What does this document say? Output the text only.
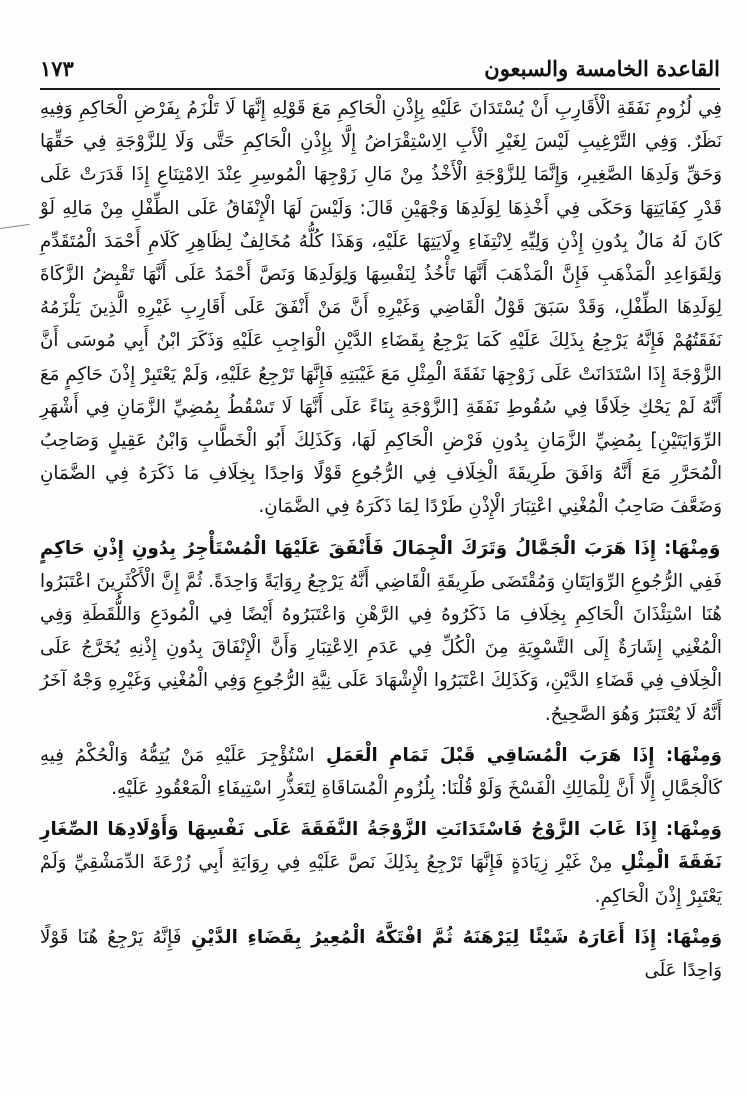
القاعدة الخامسة والسبعون
١٧٣

فِي لُزُومِ نَفَقَةِ الْأَقَارِبِ أَنْ يُسْتَدَانَ عَلَيْهِ بِإِذْنِ الْحَاكِمِ مَعَ قَوْلِهِ إِنَّهَا لَا تَلْزَمُ بِفَرْضِ الْحَاكِمِ وَفِيهِ نَظَرٌ. وَفِي التَّرْغِيبِ لَيْسَ لِغَيْرِ الْأَبِ الِاسْتِقْرَاضُ إِلَّا بِإِذْنِ الْحَاكِمِ حَتَّى وَلَا لِلزَّوْجَةِ فِي حَقِّهَا وَحَقِّ وَلَدِهَا الصَّغِيرِ، وَإِنَّمَا لِلزَّوْجَةِ الْأَخْذُ مِنْ مَالِ زَوْجِهَا الْمُوسِرِ عِنْدَ الِامْتِنَاعِ إِذَا قَدَرَتْ عَلَى قَدْرِ كِفَايَتِهَا وَحَكَى فِي أَخْذِهَا لِوَلَدِهَا وَجْهَيْنِ قَالَ: وَلَيْسَ لَهَا الْإِنْفَاقُ عَلَى الطِّفْلِ مِنْ مَالِهِ لَوْ كَانَ لَهُ مَالٌ بِدُونِ إِذْنِ وَلِيِّهِ لِانْتِفَاءِ وِلَايَتِهَا عَلَيْهِ، وَهَذَا كُلُّهُ مُخَالِفٌ لِظَاهِرِ كَلَامِ أَحْمَدَ الْمُتَقَدِّمِ وَلِقَوَاعِدِ الْمَذْهَبِ فَإِنَّ الْمَذْهَبَ أَنَّهَا تَأْخُذُ لِنَفْسِهَا وَلِوَلَدِهَا وَنَصَّ أَحْمَدُ عَلَى أَنَّهَا تَقْبِضُ الزَّكَاةَ لِوَلَدِهَا الطِّفْلِ، وَقَدْ سَبَقَ قَوْلُ الْقَاضِي وَغَيْرِهِ أَنَّ مَنْ أَنْفَقَ عَلَى أَقَارِبِ غَيْرِهِ الَّذِينَ يَلْزَمُهُ نَفَقَتُهُمْ فَإِنَّهُ يَرْجِعُ بِذَلِكَ عَلَيْهِ كَمَا يَرْجِعُ بِقَضَاءِ الدَّيْنِ الْوَاجِبِ عَلَيْهِ وَذَكَرَ ابْنُ أَبِي مُوسَى أَنَّ الزَّوْجَةَ إِذَا اسْتَدَانَتْ عَلَى زَوْجِهَا نَفَقَةَ الْمِثْلِ مَعَ غَيْبَتِهِ فَإِنَّهَا تَرْجِعُ عَلَيْهِ، وَلَمْ يَعْتَبِرْ إِذْنَ حَاكِمٍ مَعَ أَنَّهُ لَمْ يَحْكِ خِلَافًا فِي سُقُوطِ نَفَقَةِ [الزَّوْجَةِ بِنَاءً عَلَى أَنَّهَا لَا تَسْقُطُ بِمُضِيِّ الزَّمَانِ فِي أَشْهَرِ الرِّوَايَتَيْنِ] بِمُضِيِّ الزَّمَانِ بِدُونِ فَرْضِ الْحَاكِمِ لَهَا، وَكَذَلِكَ أَبُو الْخَطَّابِ وَابْنُ عَقِيلٍ وَصَاحِبُ الْمُحَرَّرِ مَعَ أَنَّهُ وَافَقَ طَرِيقَةَ الْخِلَافِ فِي الرُّجُوعِ قَوْلًا وَاحِدًا بِخِلَافِ مَا ذَكَرَهُ فِي الضَّمَانِ وَضَعَّفَ صَاحِبُ الْمُغْنِي اعْتِبَارَ الْإِذْنِ طَرْدًا لِمَا ذَكَرَهُ فِي الضَّمَانِ.

وَمِنْهَا: إِذَا هَرَبَ الْجَمَّالُ وَتَرَكَ الْجِمَالَ فَأَنْفَقَ عَلَيْهَا الْمُسْتَأْجِرُ بِدُونِ إِذْنِ حَاكِمٍ فَفِي الرُّجُوعِ الرِّوَايَتَانِ وَمُقْتَضَى طَرِيقَةِ الْقَاضِي أَنَّهُ يَرْجِعُ رِوَايَةً وَاحِدَةً. ثُمَّ إِنَّ الْأَكْثَرِينَ اعْتَبَرُوا هُنَا اسْتِئْذَانَ الْحَاكِمِ بِخِلَافِ مَا ذَكَرُوهُ فِي الرَّهْنِ وَاعْتَبَرُوهُ أَيْضًا فِي الْمُودَعِ وَاللُّقَطَةِ وَفِي الْمُغْنِي إِشَارَةٌ إِلَى التَّسْوِيَةِ مِنَ الْكُلِّ فِي عَدَمِ الِاعْتِبَارِ وَأَنَّ الْإِنْفَاقَ بِدُونِ إِذْنِهِ يُخَرَّجُ عَلَى الْخِلَافِ فِي قَضَاءِ الدَّيْنِ، وَكَذَلِكَ اعْتَبَرُوا الْإِشْهَادَ عَلَى نِيَّةِ الرُّجُوعِ وَفِي الْمُغْنِي وَغَيْرِهِ وَجْهٌ آخَرُ أَنَّهُ لَا يُعْتَبَرُ وَهُوَ الصَّحِيحُ.

وَمِنْهَا: إِذَا هَرَبَ الْمُسَاقِي قَبْلَ تَمَامِ الْعَمَلِ اسْتُؤْجِرَ عَلَيْهِ مَنْ يُتِمُّهُ وَالْحُكْمُ فِيهِ كَالْجَمَّالِ إِلَّا أَنَّ لِلْمَالِكِ الْفَسْخَ وَلَوْ قُلْنَا: بِلُزُومِ الْمُسَاقَاةِ لِتَعَذُّرِ اسْتِيفَاءِ الْمَعْقُودِ عَلَيْهِ.

وَمِنْهَا: إِذَا غَابَ الزَّوْجُ فَاسْتَدَانَتِ الزَّوْجَةُ النَّفَقَةَ عَلَى نَفْسِهَا وَأَوْلَادِهَا الصِّغَارِ نَفَقَةَ الْمِثْلِ مِنْ غَيْرِ زِيَادَةٍ فَإِنَّهَا تَرْجِعُ بِذَلِكَ نَصَّ عَلَيْهِ فِي رِوَايَةِ أَبِي زُرْعَةَ الدِّمَشْقِيِّ وَلَمْ يَعْتَبِرْ إِذْنَ الْحَاكِمِ.

وَمِنْهَا: إِذَا أَعَارَهُ شَيْئًا لِيَرْهَنَهُ ثُمَّ افْتَكَّهُ الْمُعِيرُ بِقَضَاءِ الدَّيْنِ فَإِنَّهُ يَرْجِعُ هُنَا قَوْلًا وَاحِدًا عَلَى
